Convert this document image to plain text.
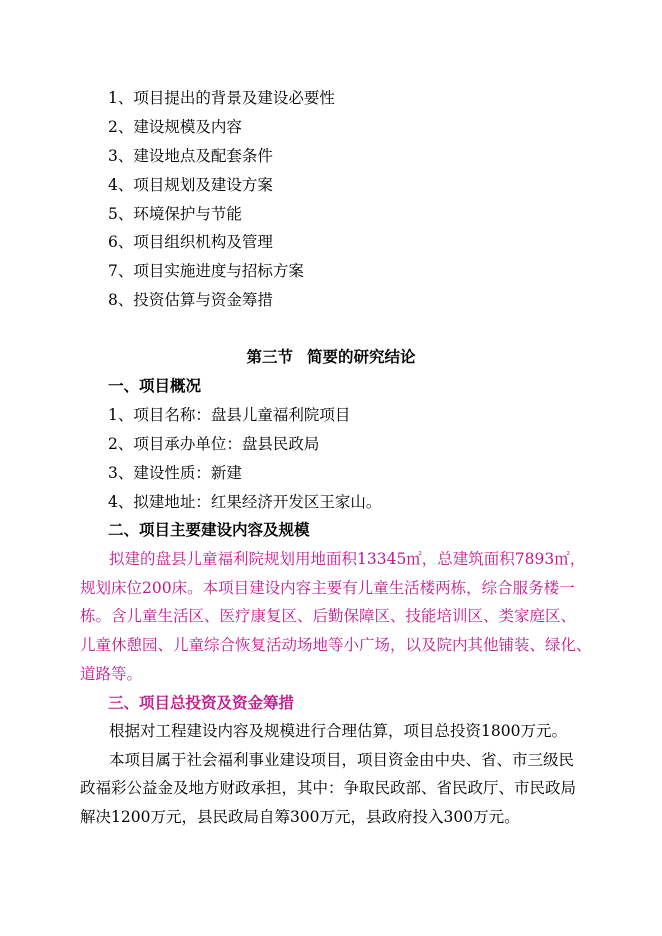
1、项目提出的背景及建设必要性
2、建设规模及内容
3、建设地点及配套条件
4、项目规划及建设方案
5、环境保护与节能
6、项目组织机构及管理
7、项目实施进度与招标方案
8、投资估算与资金筹措
第三节 简要的研究结论
一、项目概况
1、项目名称：盘县儿童福利院项目
2、项目承办单位：盘县民政局
3、建设性质：新建
4、拟建地址：红果经济开发区王家山。
二、项目主要建设内容及规模
拟建的盘县儿童福利院规划用地面积13345㎡，总建筑面积7893㎡，
规划床位200床。本项目建设内容主要有儿童生活楼两栋，综合服务楼一
栋。含儿童生活区、医疗康复区、后勤保障区、技能培训区、类家庭区、
儿童休憩园、儿童综合恢复活动场地等小广场，以及院内其他铺装、绿化、
道路等。
三、项目总投资及资金筹措
根据对工程建设内容及规模进行合理估算，项目总投资1800万元。
本项目属于社会福利事业建设项目，项目资金由中央、省、市三级民
政福彩公益金及地方财政承担，其中：争取民政部、省民政厅、市民政局
解决1200万元，县民政局自筹300万元，县政府投入300万元。
